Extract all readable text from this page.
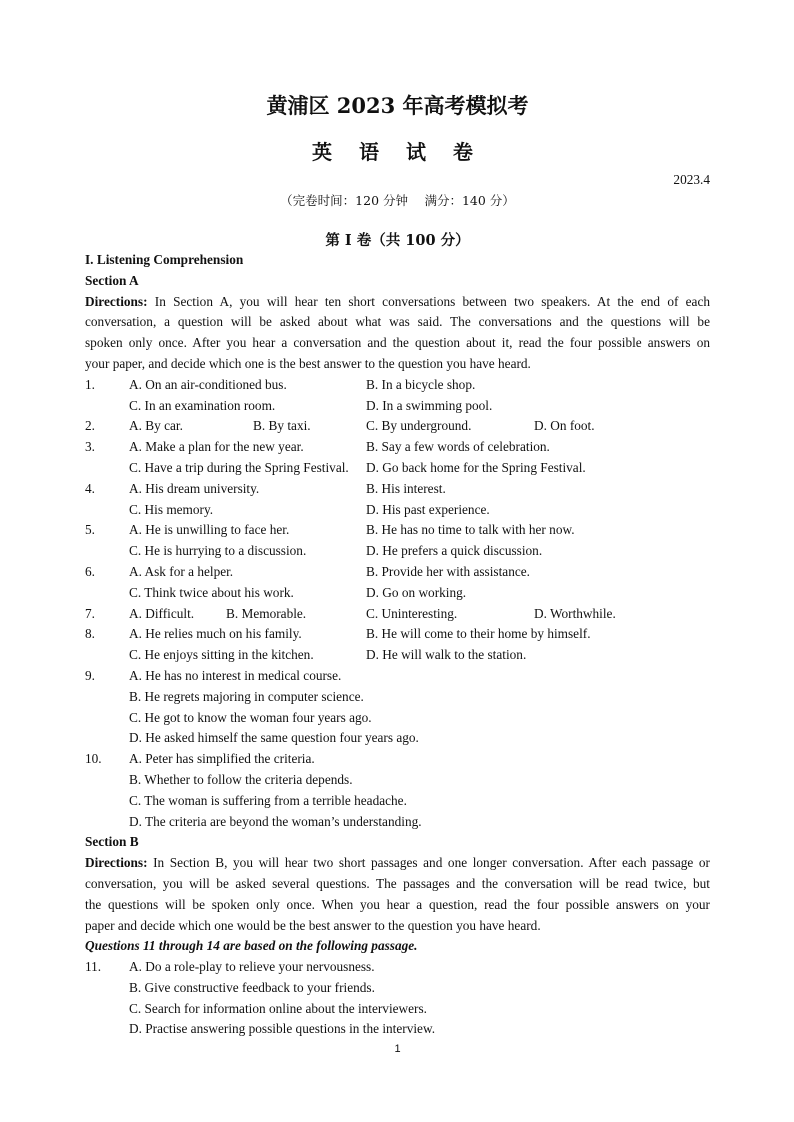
黄浦区 2023 年高考模拟考
英 语 试 卷
2023.4
（完卷时间：120 分钟　 满分：140 分）
第 I 卷（共 100 分）
I. Listening Comprehension
Section A
Directions: In Section A, you will hear ten short conversations between two speakers. At the end of each
conversation, a question will be asked about what was said. The conversations and the questions will be
spoken only once. After you hear a conversation and the question about it, read the four possible answers on
your paper, and decide which one is the best answer to the question you have heard.
1.	A. On an air-conditioned bus.	B. In a bicycle shop.
C. In an examination room.	D. In a swimming pool.
2.	A. By car.	B. By taxi.	C. By underground.	D. On foot.
3.	A. Make a plan for the new year.	B. Say a few words of celebration.
C. Have a trip during the Spring Festival. D. Go back home for the Spring Festival.
4.	A. His dream university.	B. His interest.
C. His memory.	D. His past experience.
5.	A. He is unwilling to face her.	B. He has no time to talk with her now.
C. He is hurrying to a discussion.	D. He prefers a quick discussion.
6.	A. Ask for a helper.	B. Provide her with assistance.
C. Think twice about his work.	D. Go on working.
7.	A. Difficult. B. Memorable.	C. Uninteresting.	D. Worthwhile.
8.	A. He relies much on his family.	B. He will come to their home by himself.
C. He enjoys sitting in the kitchen.	D. He will walk to the station.
9.	A. He has no interest in medical course.
B. He regrets majoring in computer science.
C. He got to know the woman four years ago.
D. He asked himself the same question four years ago.
10. A. Peter has simplified the criteria.
B. Whether to follow the criteria depends.
C. The woman is suffering from a terrible headache.
D. The criteria are beyond the woman’s understanding.
Section B
Directions: In Section B, you will hear two short passages and one longer conversation. After each passage or
conversation, you will be asked several questions. The passages and the conversation will be read twice, but
the questions will be spoken only once. When you hear a question, read the four possible answers on your
paper and decide which one would be the best answer to the question you have heard.
Questions 11 through 14 are based on the following passage.
11. A. Do a role-play to relieve your nervousness.
B. Give constructive feedback to your friends.
C. Search for information online about the interviewers.
D. Practise answering possible questions in the interview.
1
